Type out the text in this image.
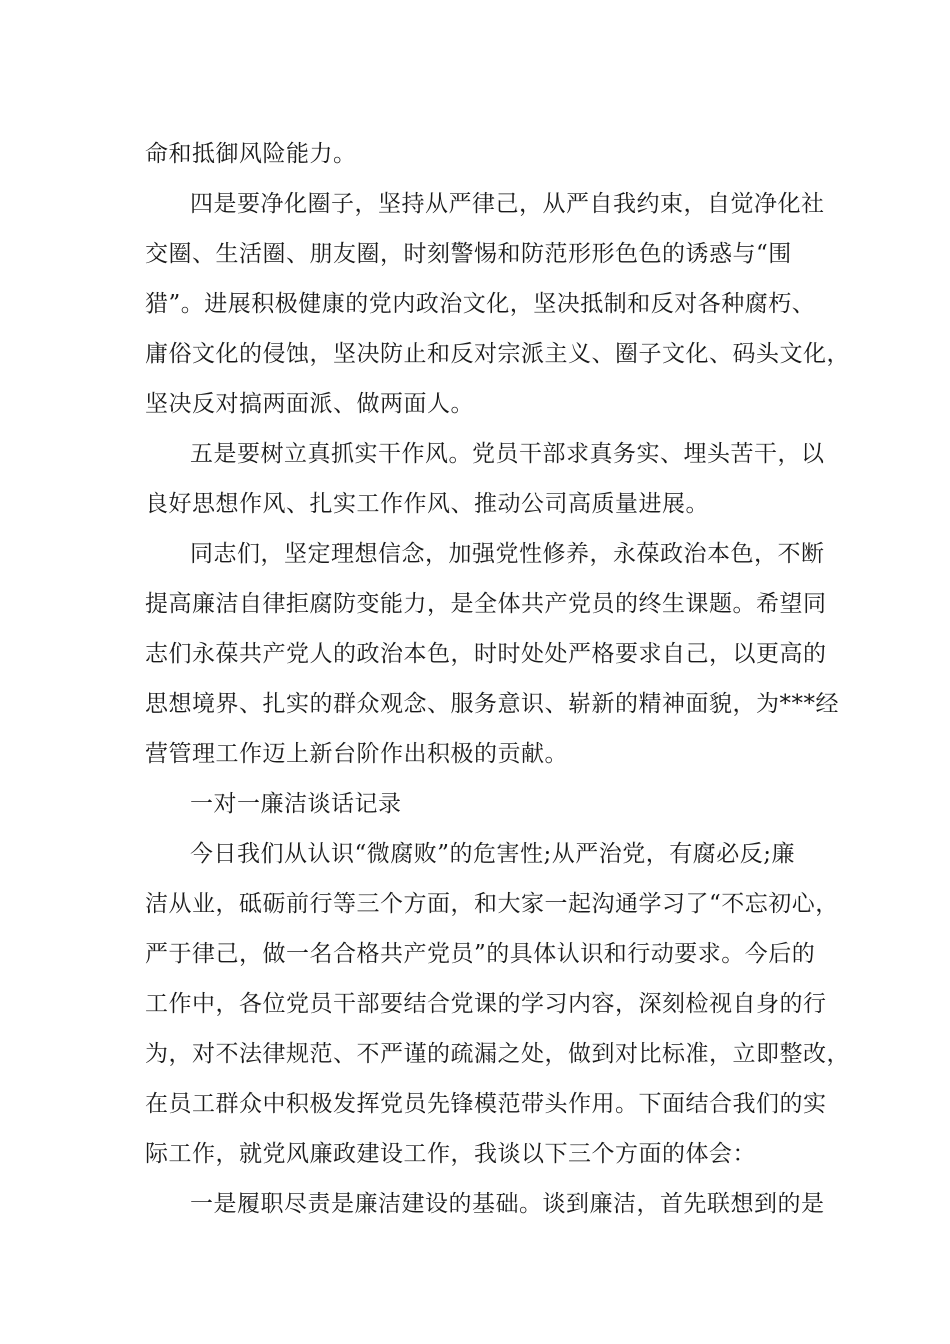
命和抵御风险能力。

四是要净化圈子，坚持从严律己，从严自我约束，自觉净化社

交圈、生活圈、朋友圈，时刻警惕和防范形形色色的诱惑与“围

猎”。进展积极健康的党内政治文化，坚决抵制和反对各种腐朽、

庸俗文化的侵蚀，坚决防止和反对宗派主义、圈子文化、码头文化，

坚决反对搞两面派、做两面人。

五是要树立真抓实干作风。党员干部求真务实、埋头苦干，以

良好思想作风、扎实工作作风、推动公司高质量进展。

同志们，坚定理想信念，加强党性修养，永葆政治本色，不断

提高廉洁自律拒腐防变能力，是全体共产党员的终生课题。希望同

志们永葆共产党人的政治本色，时时处处严格要求自己，以更高的

思想境界、扎实的群众观念、服务意识、崭新的精神面貌，为***经

营管理工作迈上新台阶作出积极的贡献。

一对一廉洁谈话记录

今日我们从认识“微腐败”的危害性;从严治党，有腐必反;廉

洁从业，砥砺前行等三个方面，和大家一起沟通学习了“不忘初心，

严于律己，做一名合格共产党员”的具体认识和行动要求。今后的

工作中，各位党员干部要结合党课的学习内容，深刻检视自身的行

为，对不法律规范、不严谨的疏漏之处，做到对比标准，立即整改，

在员工群众中积极发挥党员先锋模范带头作用。下面结合我们的实

际工作，就党风廉政建设工作，我谈以下三个方面的体会：

一是履职尽责是廉洁建设的基础。谈到廉洁，首先联想到的是
